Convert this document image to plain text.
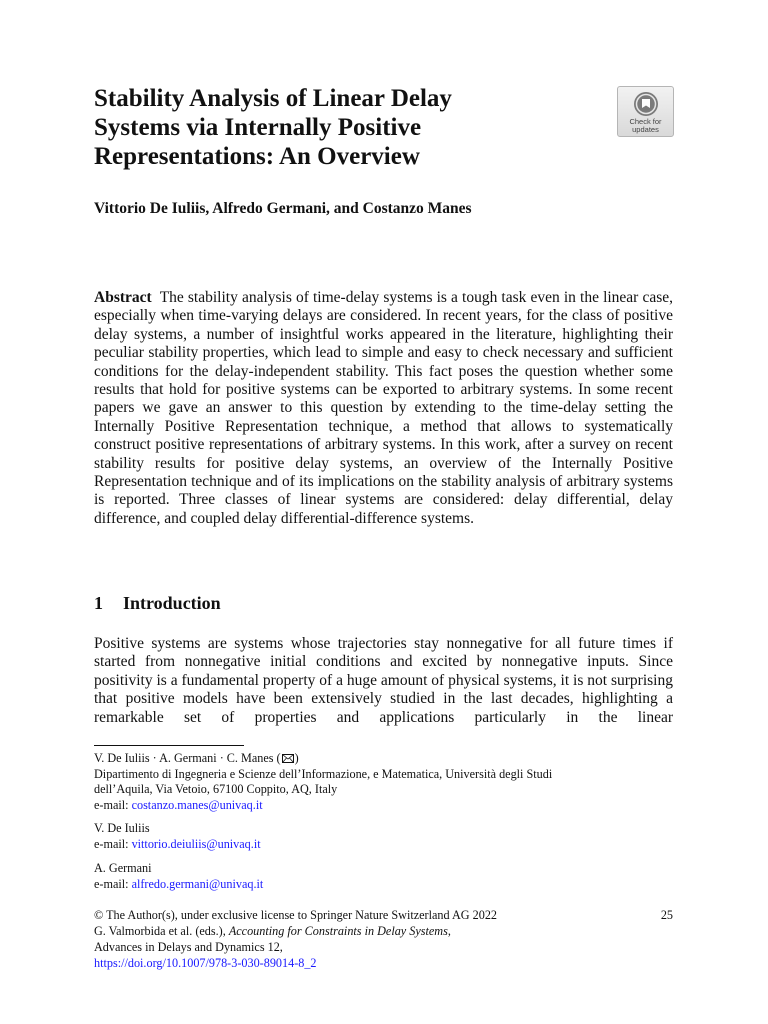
Stability Analysis of Linear Delay
Systems via Internally Positive
Representations: An Overview
Check for
updates

Vittorio De Iuliis, Alfredo Germani, and Costanzo Manes

Abstract The stability analysis of time-delay systems is a tough task even in the linear case, especially when time-varying delays are considered. In recent years, for the class of positive delay systems, a number of insightful works appeared in the literature, highlighting their peculiar stability properties, which lead to simple and easy to check necessary and sufficient conditions for the delay-independent stability. This fact poses the question whether some results that hold for positive systems can be exported to arbitrary systems. In some recent papers we gave an answer to this question by extending to the time-delay setting the Internally Positive Representation technique, a method that allows to systematically construct positive representations of arbitrary systems. In this work, after a survey on recent stability results for positive delay systems, an overview of the Internally Positive Representation technique and of its implications on the stability analysis of arbitrary systems is reported. Three classes of linear systems are considered: delay differential, delay difference, and coupled delay differential-difference systems.

1 Introduction

Positive systems are systems whose trajectories stay nonnegative for all future times if started from nonnegative initial conditions and excited by nonnegative inputs. Since positivity is a fundamental property of a huge amount of physical systems, it is not surprising that positive models have been extensively studied in the last decades, highlighting a remarkable set of properties and applications particularly in the linear

V. De Iuliis · A. Germani · C. Manes ( )
Dipartimento di Ingegneria e Scienze dell’Informazione, e Matematica, Università degli Studi
dell’Aquila, Via Vetoio, 67100 Coppito, AQ, Italy
e-mail: costanzo.manes@univaq.it
V. De Iuliis
e-mail: vittorio.deiuliis@univaq.it
A. Germani
e-mail: alfredo.germani@univaq.it
© The Author(s), under exclusive license to Springer Nature Switzerland AG 2022	25
G. Valmorbida et al. (eds.), Accounting for Constraints in Delay Systems,
Advances in Delays and Dynamics 12,
https://doi.org/10.1007/978-3-030-89014-8_2
